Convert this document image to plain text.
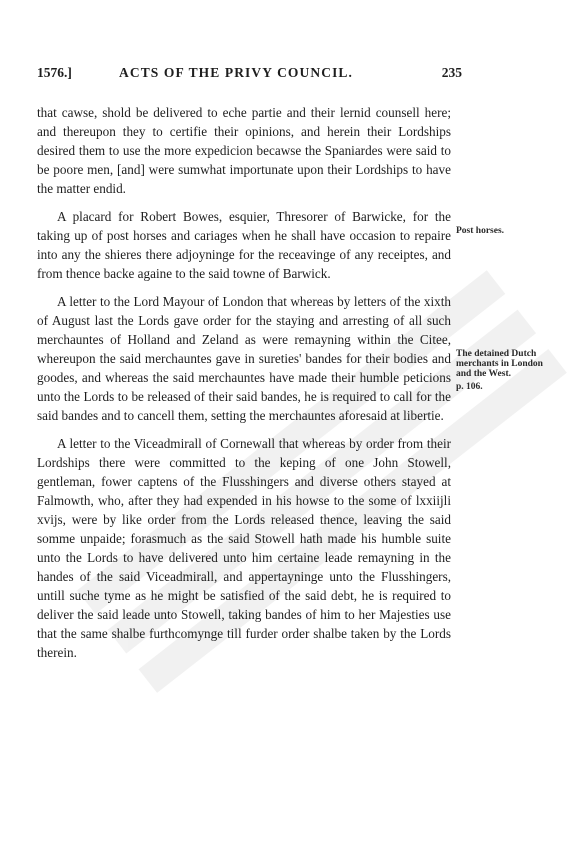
1576.]	ACTS OF THE PRIVY COUNCIL.	235

that cawse, shold be delivered to eche partie and their lernid counsell here; and thereupon they to certifie their opinions, and herein their Lordships desired them to use the more expedicion becawse the Spaniardes were said to be poore men, [and] were sumwhat importunate upon their Lordships to have the matter endid.

A placard for Robert Bowes, esquier, Thresorer of Barwicke, for the taking up of post horses and cariages when he shall have occasion to repaire into any the shieres there adjoyninge for the receavinge of any receiptes, and from thence backe againe to the said towne of Barwick.

A letter to the Lord Mayour of London that whereas by letters of the xixth of August last the Lords gave order for the staying and arresting of all such merchauntes of Holland and Zeland as were remayning within the Citee, whereupon the said merchauntes gave in sureties' bandes for their bodies and goodes, and whereas the said merchauntes have made their humble peticions unto the Lords to be released of their said bandes, he is required to call for the said bandes and to cancell them, setting the merchauntes aforesaid at libertie.

A letter to the Viceadmirall of Cornewall that whereas by order from their Lordships there were committed to the keping of one John Stowell, gentleman, fower captens of the Flusshingers and diverse others stayed at Falmowth, who, after they had expended in his howse to the some of lxxiijli xvijs, were by like order from the Lords released thence, leaving the said somme unpaide; forasmuch as the said Stowell hath made his humble suite unto the Lords to have delivered unto him certaine leade remayning in the handes of the said Viceadmirall, and appertayninge unto the Flusshingers, untill suche tyme as he might be satisfied of the said debt, he is required to deliver the said leade unto Stowell, taking bandes of him to her Majesties use that the same shalbe furthcomynge till furder order shalbe taken by the Lords therein.

Post horses.
The detained Dutch merchants in London and the West.
p. 106.
